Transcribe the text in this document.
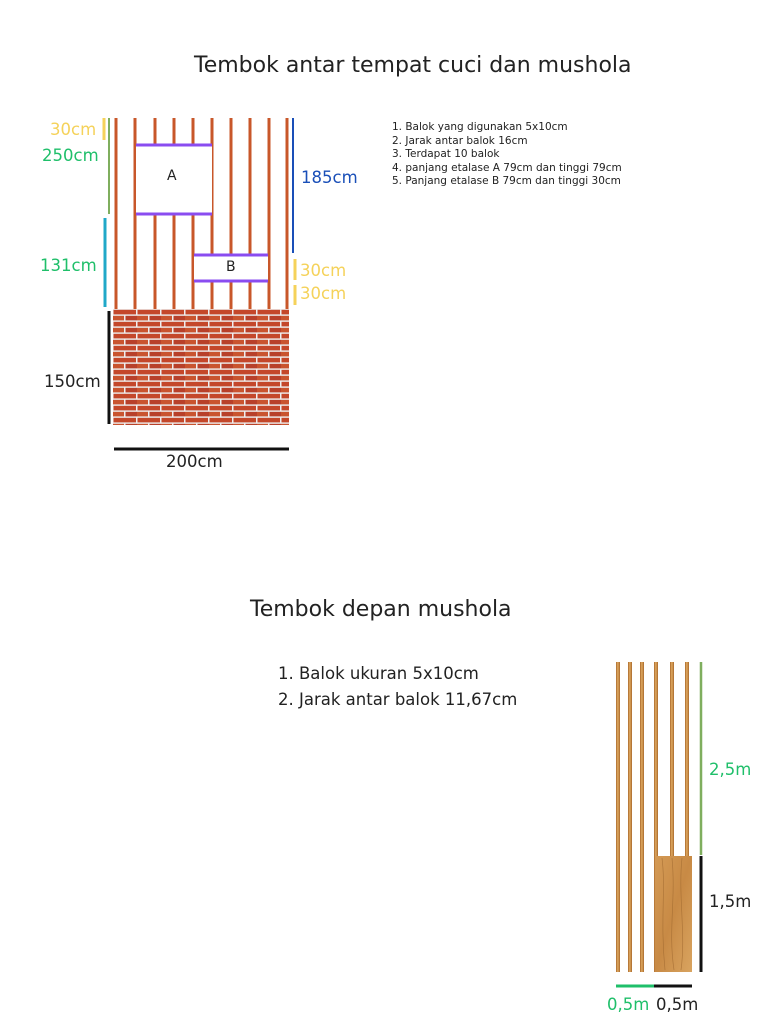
Tembok antar tempat cuci dan mushola
1. Balok yang digunakan 5x10cm
2. Jarak antar balok 16cm
3. Terdapat 10 balok
4. panjang etalase A 79cm dan tinggi 79cm
5. Panjang etalase B 79cm dan tinggi 30cm
A
B
30cm
250cm
131cm
150cm
185cm
30cm
30cm
200cm
Tembok depan mushola
1. Balok ukuran 5x10cm
2. Jarak antar balok 11,67cm
2,5m
1,5m
0,5m 0,5m
